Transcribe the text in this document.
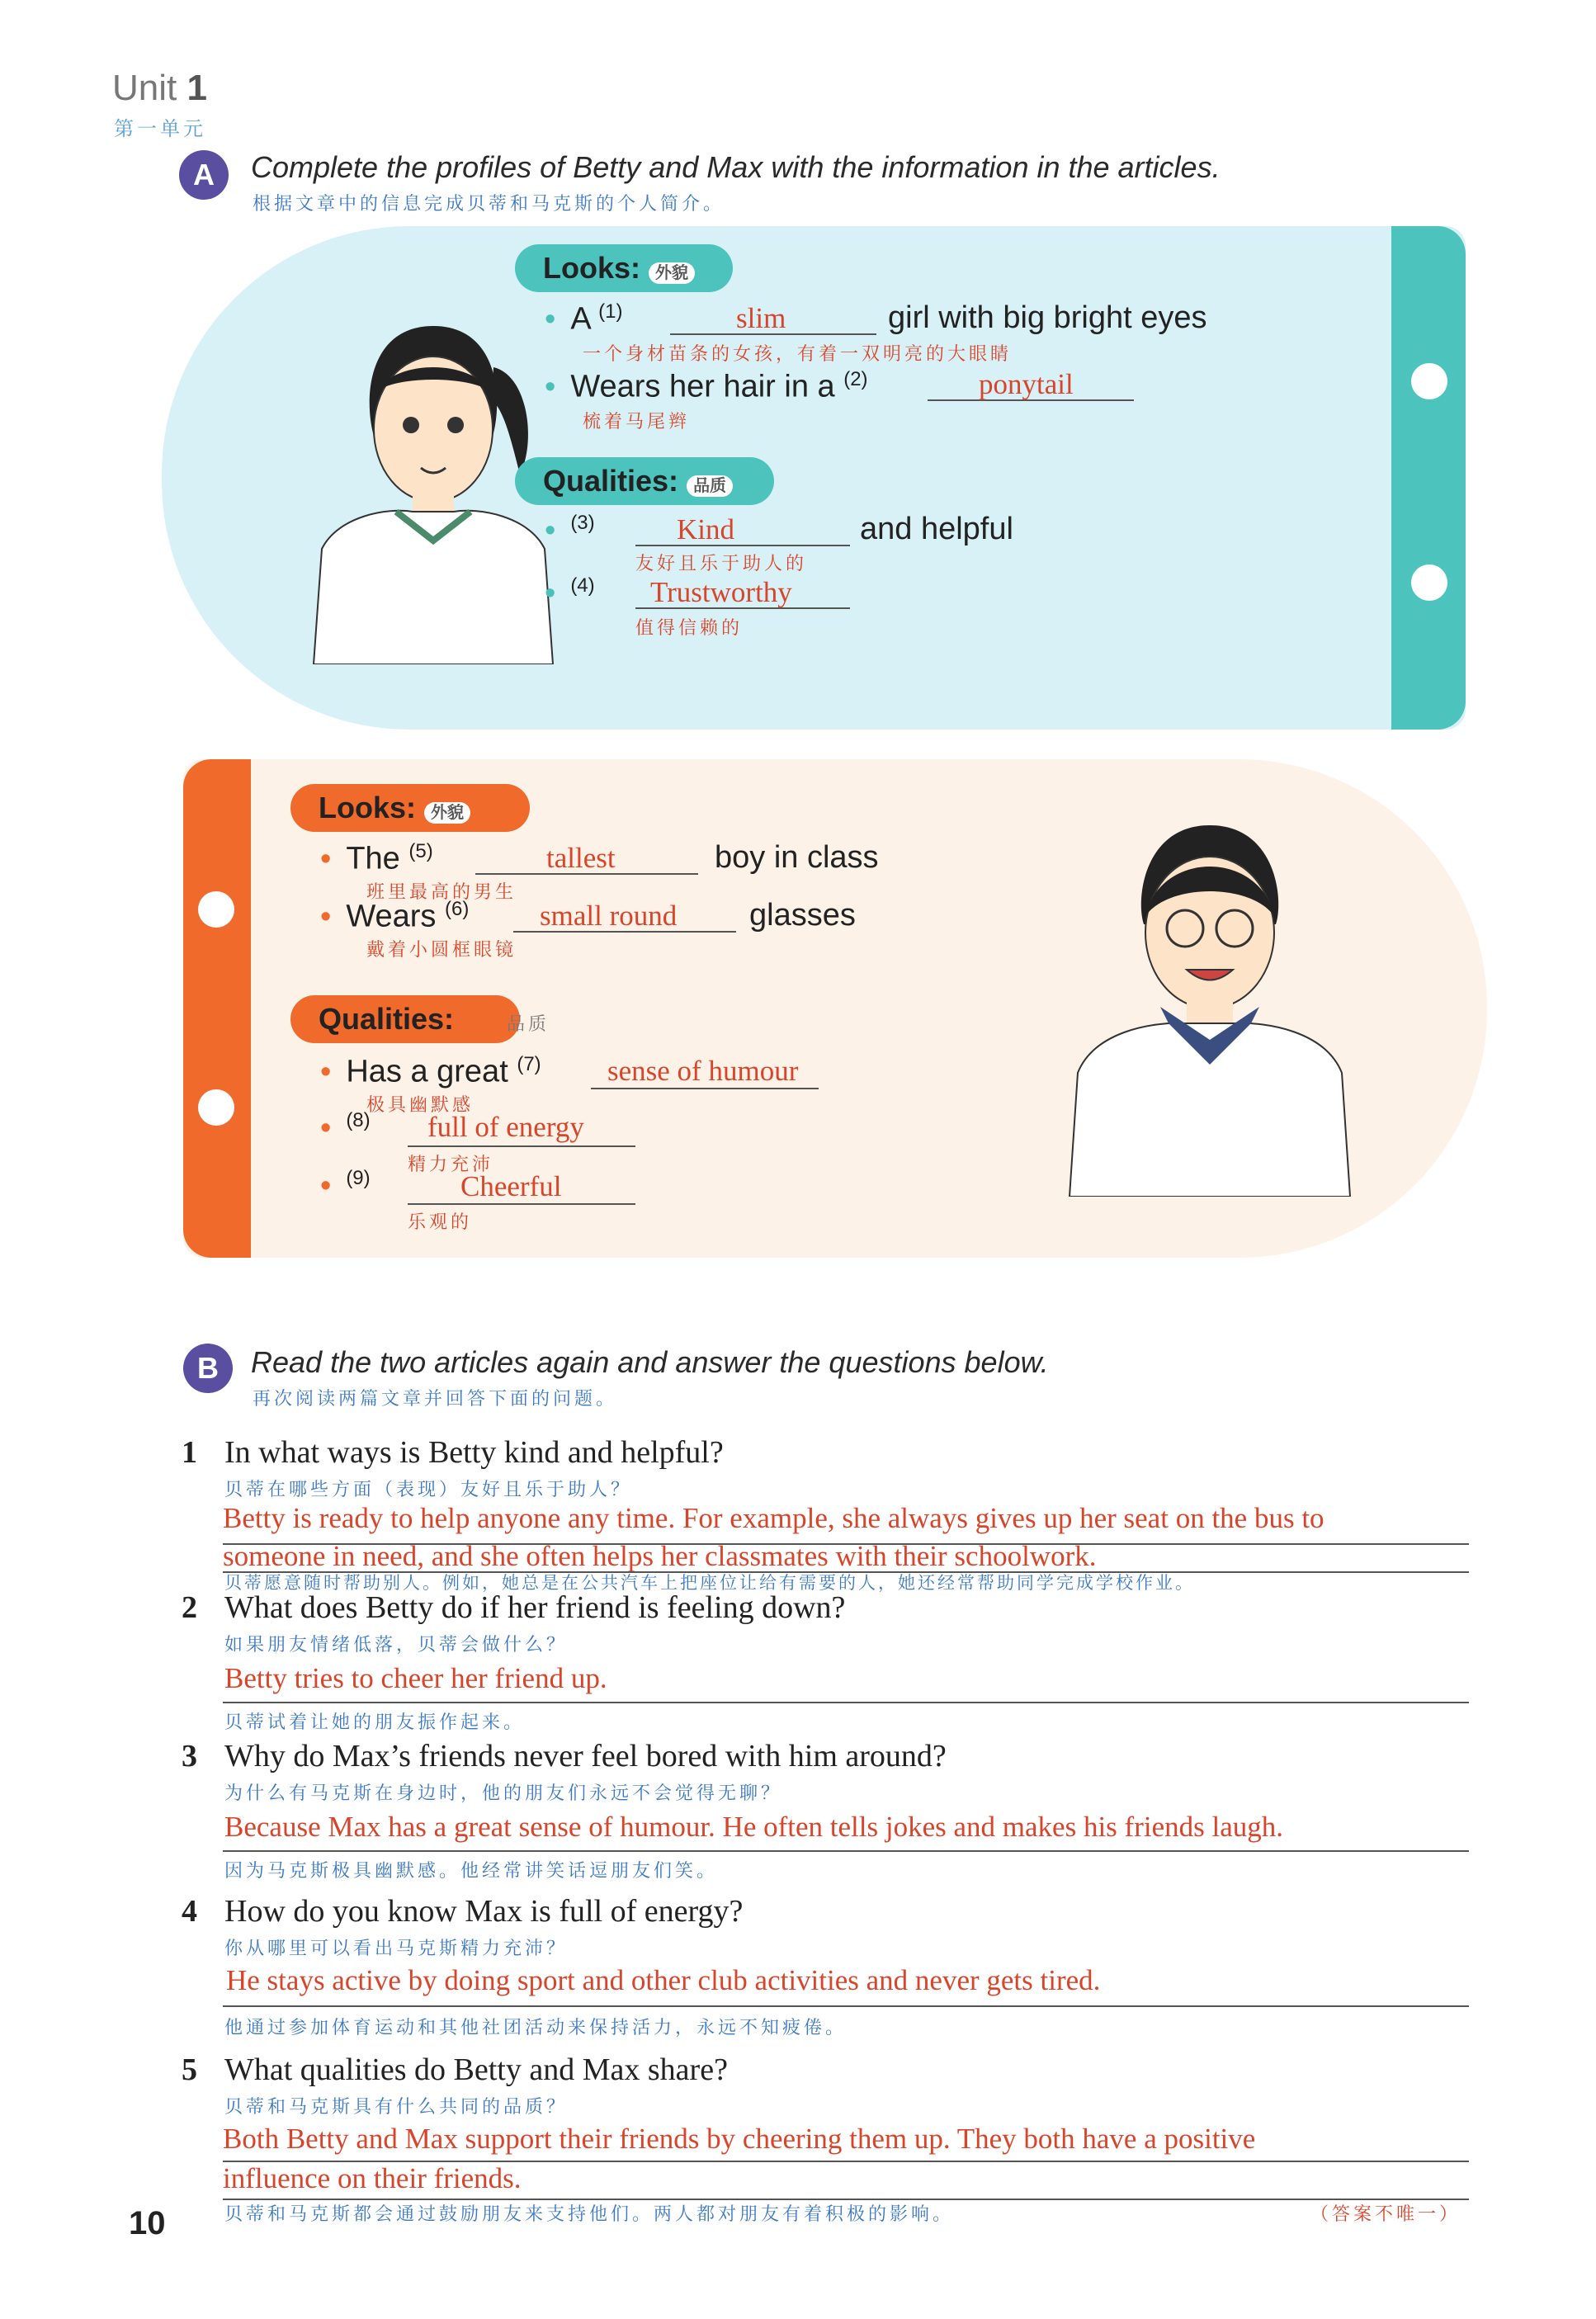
Unit 1
第一单元
A	Complete the profiles of Betty and Max with the information in the articles.
根据文章中的信息完成贝蒂和马克斯的个人简介。
Looks: 外貌
• A $^{(1)}$	slim	girl with big bright eyes
一个身材苗条的女孩，有着一双明亮的大眼睛
• Wears her hair in a $^{(2)}$	ponytail
梳着马尾辫
Qualities: 品质
• $^{(3)}$	Kind	and helpful
友好且乐于助人的
• $^{(4)}$ Trustworthy
值得信赖的
Looks: 外貌
• The $^{(5)}$	tallest	boy in class
班里最高的男生
• Wears $^{(6)}$ small round glasses
戴着小圆框眼镜
Qualities:	品质
• Has a great $^{(7)}$ sense of humour
极具幽默感
• $^{(8)}$ full of energy
精力充沛
• $^{(9)}$	Cheerful
乐观的
B	Read the two articles again and answer the questions below.
再次阅读两篇文章并回答下面的问题。
1 In what ways is Betty kind and helpful?
贝蒂在哪些方面（表现）友好且乐于助人？
Betty is ready to help anyone any time. For example, she always gives up her seat on the bus to
someone in need, and she often helps her classmates with their schoolwork.
贝蒂愿意随时帮助别人。例如，她总是在公共汽车上把座位让给有需要的人，她还经常帮助同学完成学校作业。
2 What does Betty do if her friend is feeling down?
如果朋友情绪低落，贝蒂会做什么？
Betty tries to cheer her friend up.
贝蒂试着让她的朋友振作起来。
3 Why do Max’s friends never feel bored with him around?
为什么有马克斯在身边时，他的朋友们永远不会觉得无聊？
Because Max has a great sense of humour. He often tells jokes and makes his friends laugh.
因为马克斯极具幽默感。他经常讲笑话逗朋友们笑。
4 How do you know Max is full of energy?
你从哪里可以看出马克斯精力充沛？
He stays active by doing sport and other club activities and never gets tired.
他通过参加体育运动和其他社团活动来保持活力，永远不知疲倦。
5 What qualities do Betty and Max share?
贝蒂和马克斯具有什么共同的品质？
Both Betty and Max support their friends by cheering them up. They both have a positive
influence on their friends.
贝蒂和马克斯都会通过鼓励朋友来支持他们。两人都对朋友有着积极的影响。	（答案不唯一）
10
